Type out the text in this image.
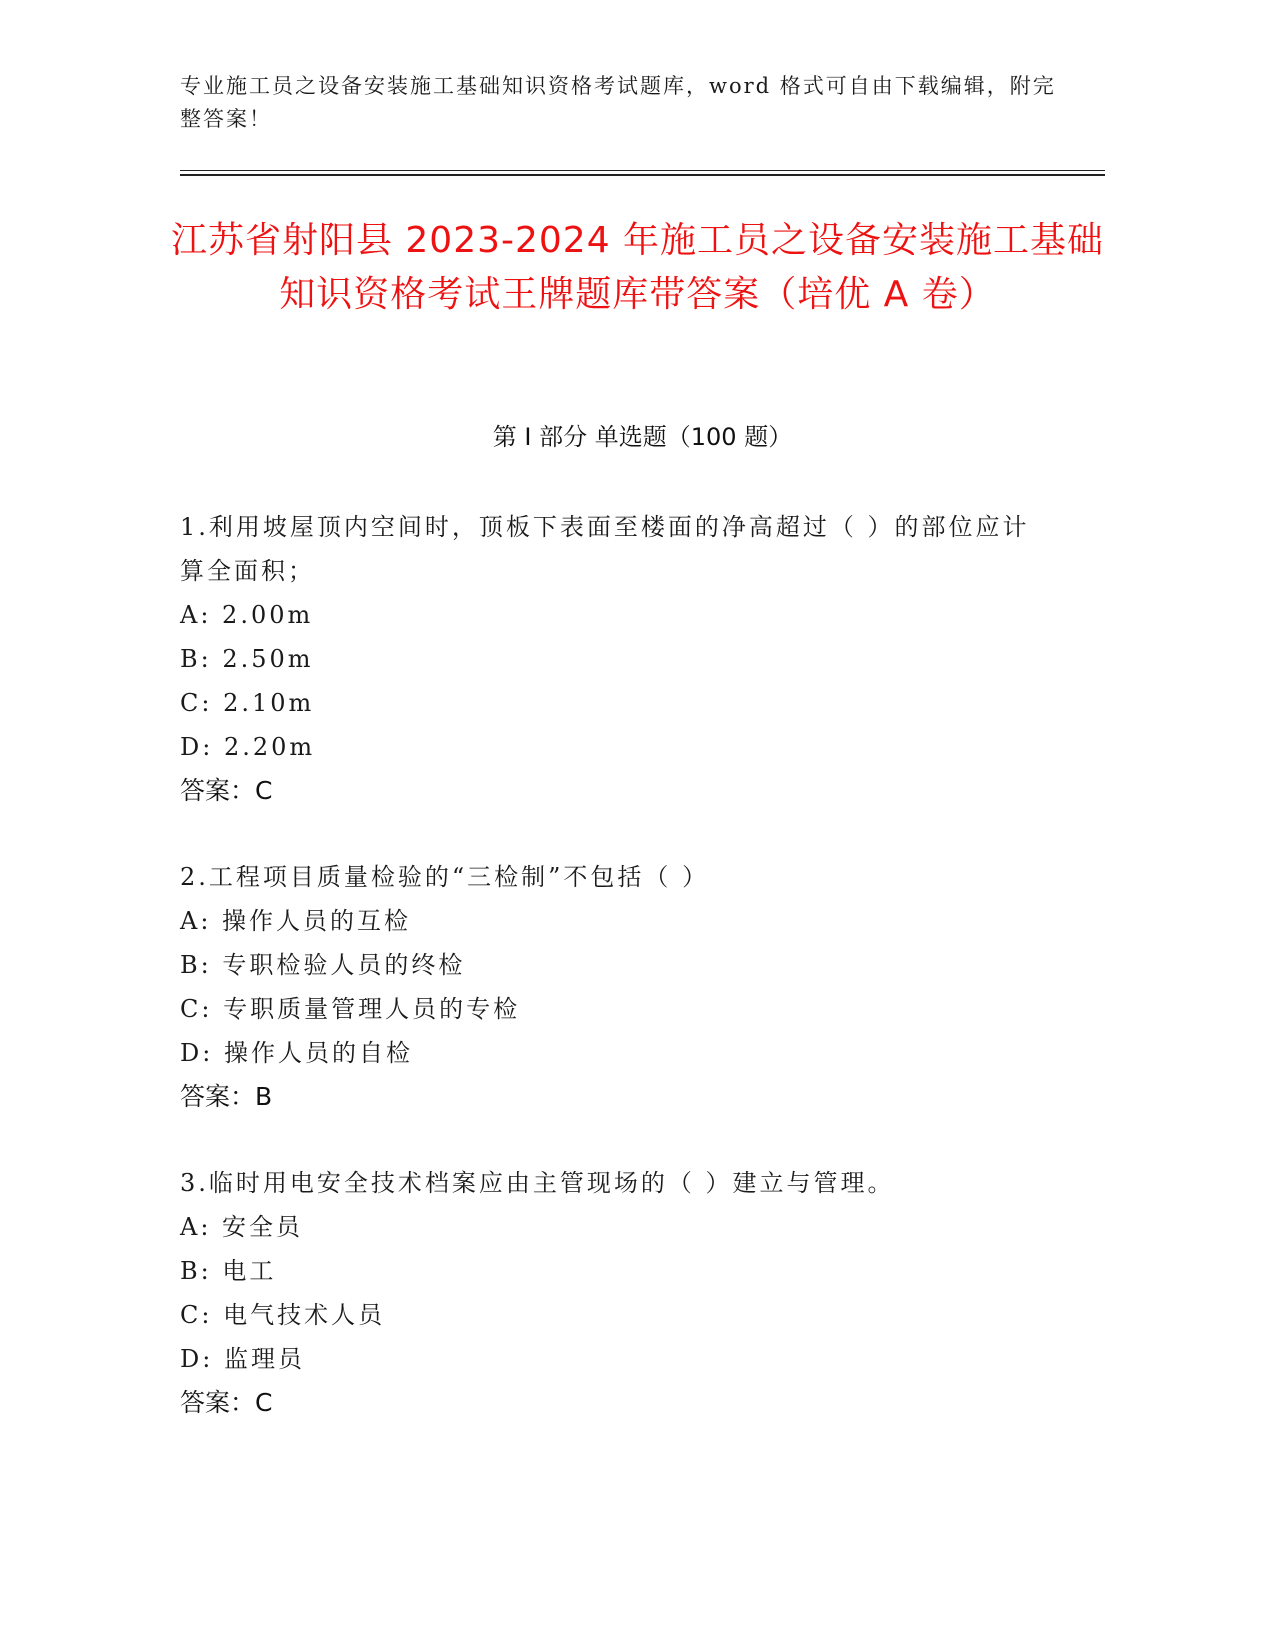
专业施工员之设备安装施工基础知识资格考试题库，word 格式可自由下载编辑，附完整答案！
江苏省射阳县 2023-2024 年施工员之设备安装施工基础知识资格考试王牌题库带答案（培优 A 卷）
第 I 部分 单选题（100 题）
1.利用坡屋顶内空间时，顶板下表面至楼面的净高超过（ ）的部位应计算全面积；
A: 2.00m
B: 2.50m
C: 2.10m
D: 2.20m
答案：C
2.工程项目质量检验的“三检制”不包括（ ）
A: 操作人员的互检
B: 专职检验人员的终检
C: 专职质量管理人员的专检
D: 操作人员的自检
答案：B
3.临时用电安全技术档案应由主管现场的（ ）建立与管理。
A: 安全员
B: 电工
C: 电气技术人员
D: 监理员
答案：C
